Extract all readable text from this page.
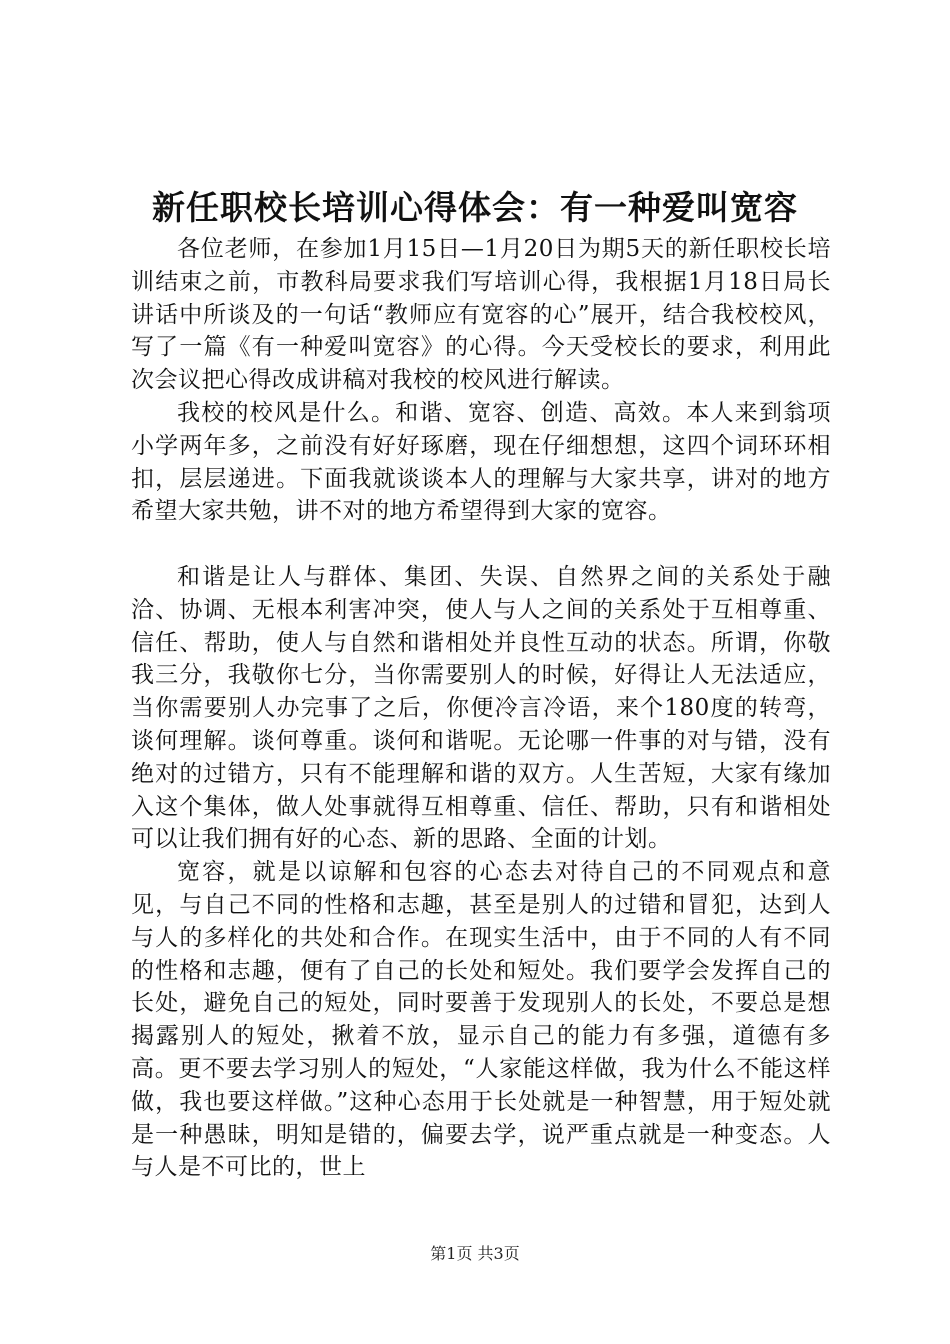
新任职校长培训心得体会：有一种爱叫宽容

各位老师，在参加1月15日—1月20日为期5天的新任职校长培训结束之前，市教科局要求我们写培训心得，我根据1月18日局长讲话中所谈及的一句话“教师应有宽容的心”展开，结合我校校风，写了一篇《有一种爱叫宽容》的心得。今天受校长的要求，利用此次会议把心得改成讲稿对我校的校风进行解读。

我校的校风是什么。和谐、宽容、创造、高效。本人来到翁项小学两年多，之前没有好好琢磨，现在仔细想想，这四个词环环相扣，层层递进。下面我就谈谈本人的理解与大家共享，讲对的地方希望大家共勉，讲不对的地方希望得到大家的宽容。

和谐是让人与群体、集团、失误、自然界之间的关系处于融洽、协调、无根本利害冲突，使人与人之间的关系处于互相尊重、信任、帮助，使人与自然和谐相处并良性互动的状态。所谓，你敬我三分，我敬你七分，当你需要别人的时候，好得让人无法适应，当你需要别人办完事了之后，你便冷言冷语，来个180度的转弯，谈何理解。谈何尊重。谈何和谐呢。无论哪一件事的对与错，没有绝对的过错方，只有不能理解和谐的双方。人生苦短，大家有缘加入这个集体，做人处事就得互相尊重、信任、帮助，只有和谐相处可以让我们拥有好的心态、新的思路、全面的计划。

宽容，就是以谅解和包容的心态去对待自己的不同观点和意见，与自己不同的性格和志趣，甚至是别人的过错和冒犯，达到人与人的多样化的共处和合作。在现实生活中，由于不同的人有不同的性格和志趣，便有了自己的长处和短处。我们要学会发挥自己的长处，避免自己的短处，同时要善于发现别人的长处，不要总是想揭露别人的短处，揪着不放，显示自己的能力有多强，道德有多高。更不要去学习别人的短处，“人家能这样做，我为什么不能这样做，我也要这样做。”这种心态用于长处就是一种智慧，用于短处就是一种愚昧，明知是错的，偏要去学，说严重点就是一种变态。人与人是不可比的，世上

第1页 共3页
